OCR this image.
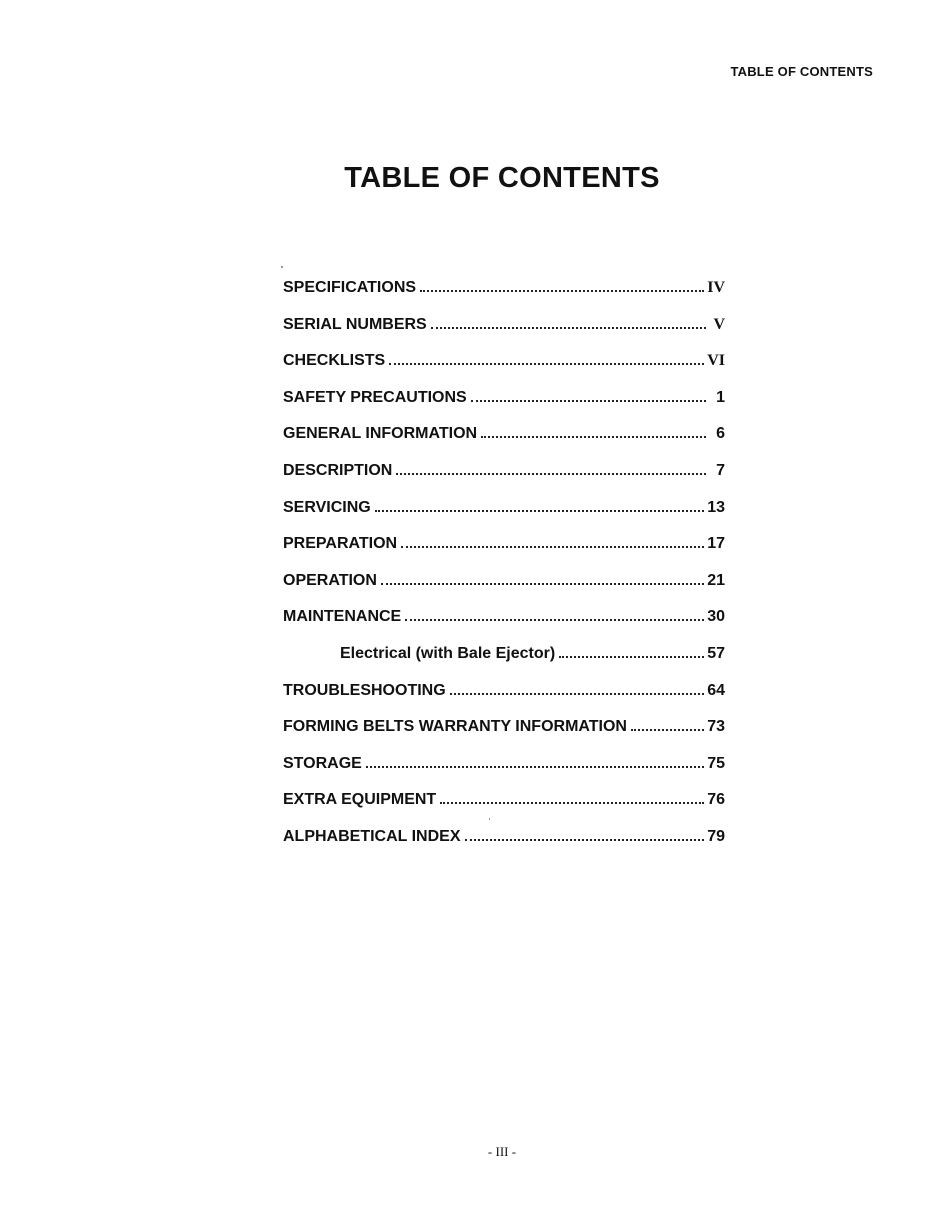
TABLE OF CONTENTS
TABLE OF CONTENTS
SPECIFICATIONS	IV
SERIAL NUMBERS	V
CHECKLISTS	VI
SAFETY PRECAUTIONS	1
GENERAL INFORMATION	6
DESCRIPTION	7
SERVICING	13
PREPARATION	17
OPERATION	21
MAINTENANCE	30
Electrical (with Bale Ejector)	57
TROUBLESHOOTING	64
FORMING BELTS WARRANTY INFORMATION	73
STORAGE	75
EXTRA EQUIPMENT	76
ALPHABETICAL INDEX	79
- III -
